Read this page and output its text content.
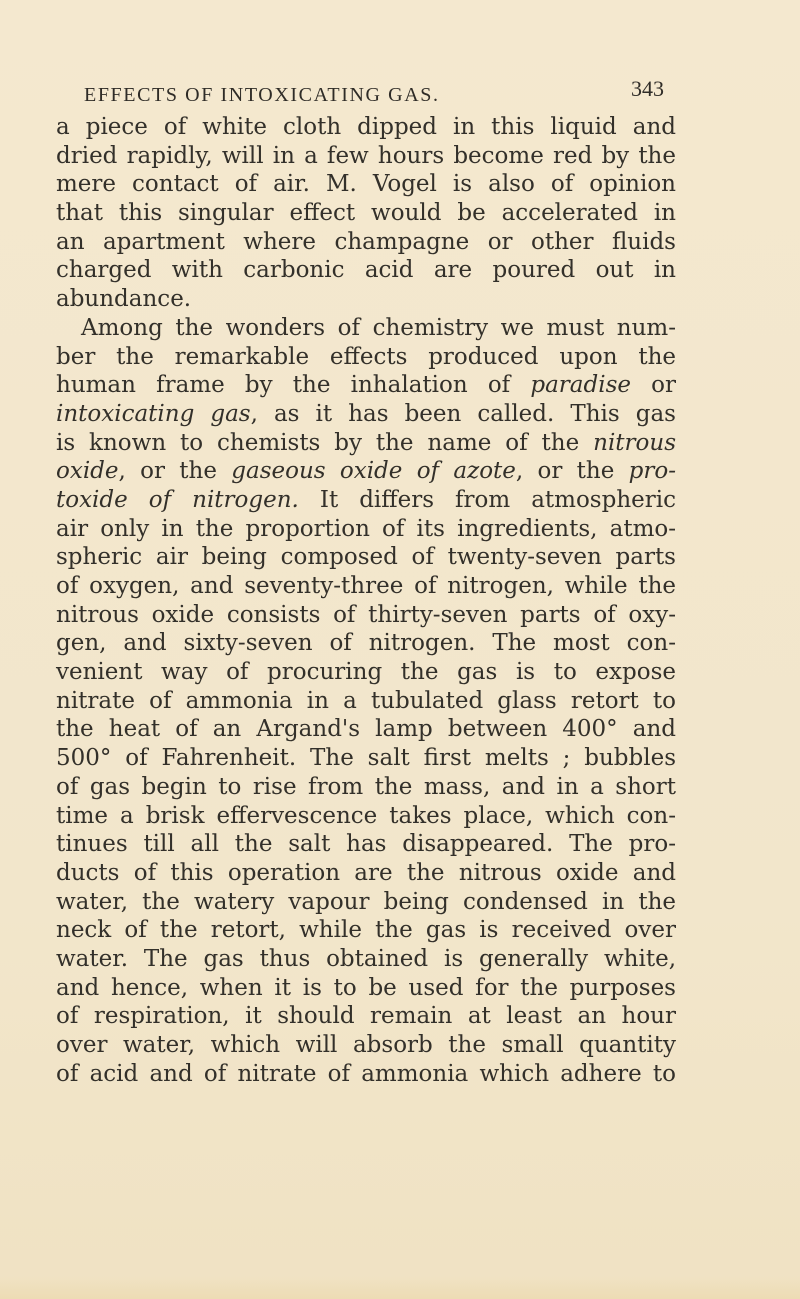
EFFECTS OF INTOXICATING GAS.	343
a piece of white cloth dipped in this liquid and
dried rapidly, will in a few hours become red by the
mere contact of air. M. Vogel is also of opinion
that this singular effect would be accelerated in
an apartment where champagne or other fluids
charged with carbonic acid are poured out in
abundance.
Among the wonders of chemistry we must num-
ber the remarkable effects produced upon the
human frame by the inhalation of paradise or
intoxicating gas, as it has been called. This gas
is known to chemists by the name of the nitrous
oxide, or the gaseous oxide of azote, or the pro-
toxide of nitrogen. It differs from atmospheric
air only in the proportion of its ingredients, atmo-
spheric air being composed of twenty-seven parts
of oxygen, and seventy-three of nitrogen, while the
nitrous oxide consists of thirty-seven parts of oxy-
gen, and sixty-seven of nitrogen. The most con-
venient way of procuring the gas is to expose
nitrate of ammonia in a tubulated glass retort to
the heat of an Argand's lamp between 400° and
500° of Fahrenheit. The salt first melts ; bubbles
of gas begin to rise from the mass, and in a short
time a brisk effervescence takes place, which con-
tinues till all the salt has disappeared. The pro-
ducts of this operation are the nitrous oxide and
water, the watery vapour being condensed in the
neck of the retort, while the gas is received over
water. The gas thus obtained is generally white,
and hence, when it is to be used for the purposes
of respiration, it should remain at least an hour
over water, which will absorb the small quantity
of acid and of nitrate of ammonia which adhere to
